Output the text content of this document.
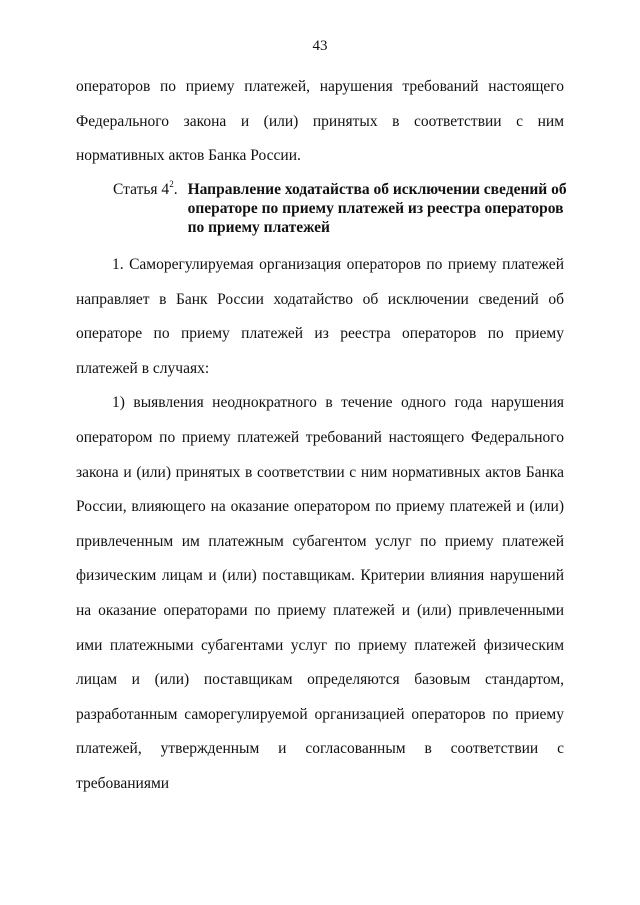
43

операторов по приему платежей, нарушения требований настоящего Федерального закона и (или) принятых в соответствии с ним нормативных актов Банка России.

Статья $4^2$. Направление ходатайства об исключении сведений об операторе по приему платежей из реестра операторов по приему платежей

1. Саморегулируемая организация операторов по приему платежей направляет в Банк России ходатайство об исключении сведений об операторе по приему платежей из реестра операторов по приему платежей в случаях:

1) выявления неоднократного в течение одного года нарушения оператором по приему платежей требований настоящего Федерального закона и (или) принятых в соответствии с ним нормативных актов Банка России, влияющего на оказание оператором по приему платежей и (или) привлеченным им платежным субагентом услуг по приему платежей физическим лицам и (или) поставщикам. Критерии влияния нарушений на оказание операторами по приему платежей и (или) привлеченными ими платежными субагентами услуг по приему платежей физическим лицам и (или) поставщикам определяются базовым стандартом, разработанным саморегулируемой организацией операторов по приему платежей, утвержденным и согласованным в соответствии с требованиями
